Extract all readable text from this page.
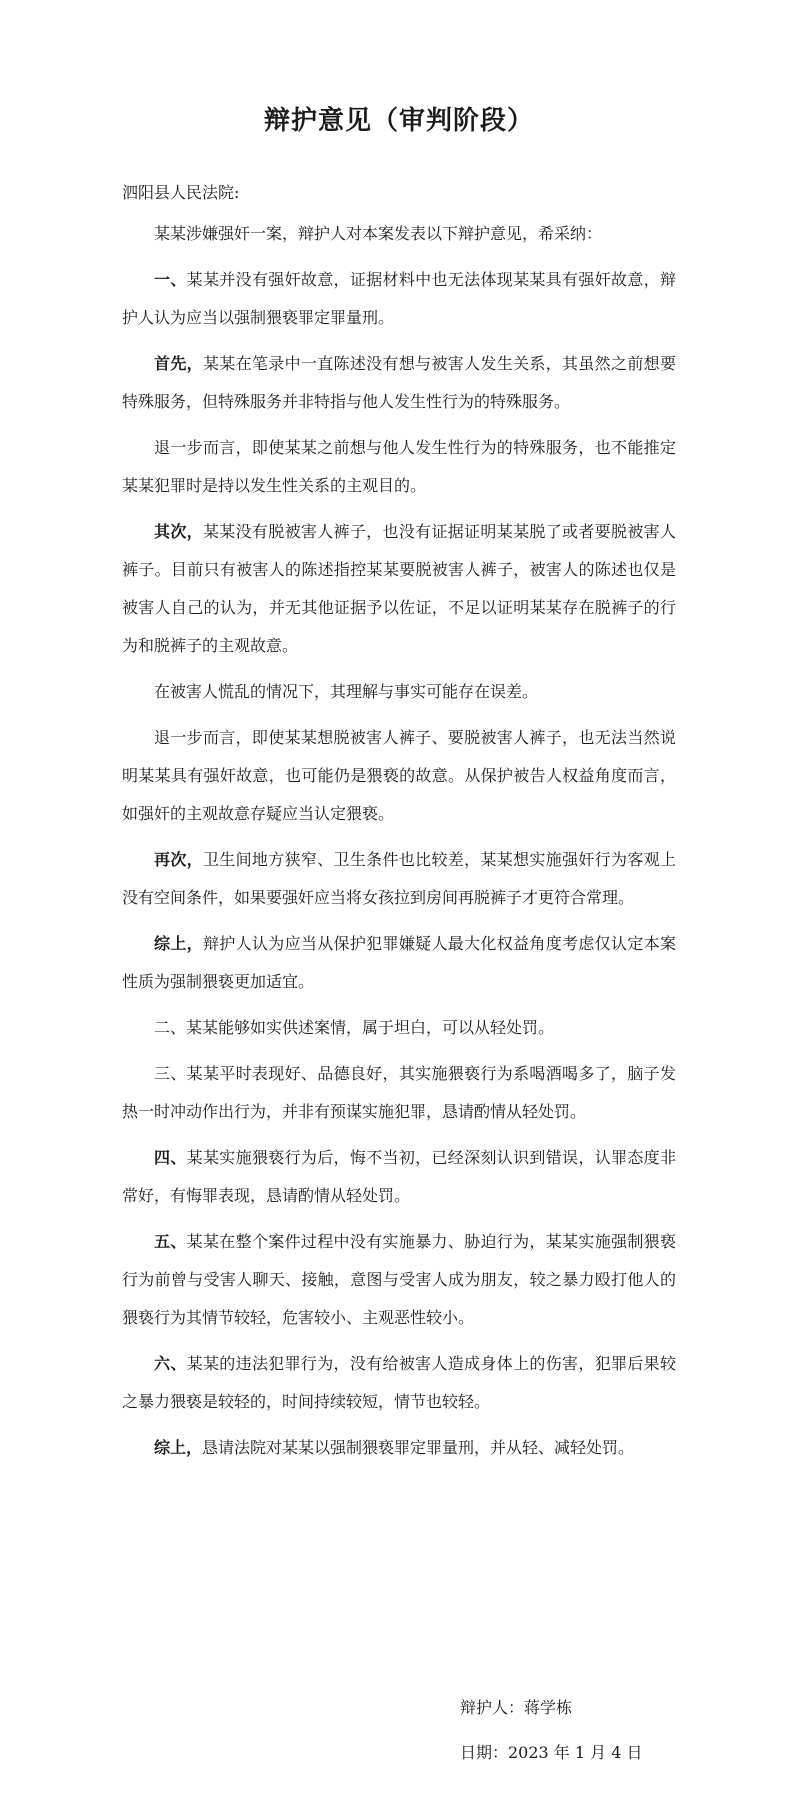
辩护意见（审判阶段）
泗阳县人民法院:
某某涉嫌强奸一案，辩护人对本案发表以下辩护意见，希采纳：
一、某某并没有强奸故意，证据材料中也无法体现某某具有强奸故意，辩护人认为应当以强制猥亵罪定罪量刑。
首先，某某在笔录中一直陈述没有想与被害人发生关系，其虽然之前想要特殊服务，但特殊服务并非特指与他人发生性行为的特殊服务。
退一步而言，即使某某之前想与他人发生性行为的特殊服务，也不能推定某某犯罪时是持以发生性关系的主观目的。
其次，某某没有脱被害人裤子，也没有证据证明某某脱了或者要脱被害人裤子。目前只有被害人的陈述指控某某要脱被害人裤子，被害人的陈述也仅是被害人自己的认为，并无其他证据予以佐证，不足以证明某某存在脱裤子的行为和脱裤子的主观故意。
在被害人慌乱的情况下，其理解与事实可能存在误差。
退一步而言，即使某某想脱被害人裤子、要脱被害人裤子，也无法当然说明某某具有强奸故意，也可能仍是猥亵的故意。从保护被告人权益角度而言，如强奸的主观故意存疑应当认定猥亵。
再次，卫生间地方狭窄、卫生条件也比较差，某某想实施强奸行为客观上没有空间条件，如果要强奸应当将女孩拉到房间再脱裤子才更符合常理。
综上，辩护人认为应当从保护犯罪嫌疑人最大化权益角度考虑仅认定本案性质为强制猥亵更加适宜。
二、某某能够如实供述案情，属于坦白，可以从轻处罚。
三、某某平时表现好、品德良好，其实施猥亵行为系喝酒喝多了，脑子发热一时冲动作出行为，并非有预谋实施犯罪，恳请酌情从轻处罚。
四、某某实施猥亵行为后，悔不当初，已经深刻认识到错误，认罪态度非常好，有悔罪表现，恳请酌情从轻处罚。
五、某某在整个案件过程中没有实施暴力、胁迫行为，某某实施强制猥亵行为前曾与受害人聊天、接触，意图与受害人成为朋友，较之暴力殴打他人的猥亵行为其情节较轻，危害较小、主观恶性较小。
六、某某的违法犯罪行为，没有给被害人造成身体上的伤害，犯罪后果较之暴力猥亵是较轻的，时间持续较短，情节也较轻。
综上，恳请法院对某某以强制猥亵罪定罪量刑，并从轻、减轻处罚。
辩护人：蒋学栋
日期：2023 年 1 月 4 日
